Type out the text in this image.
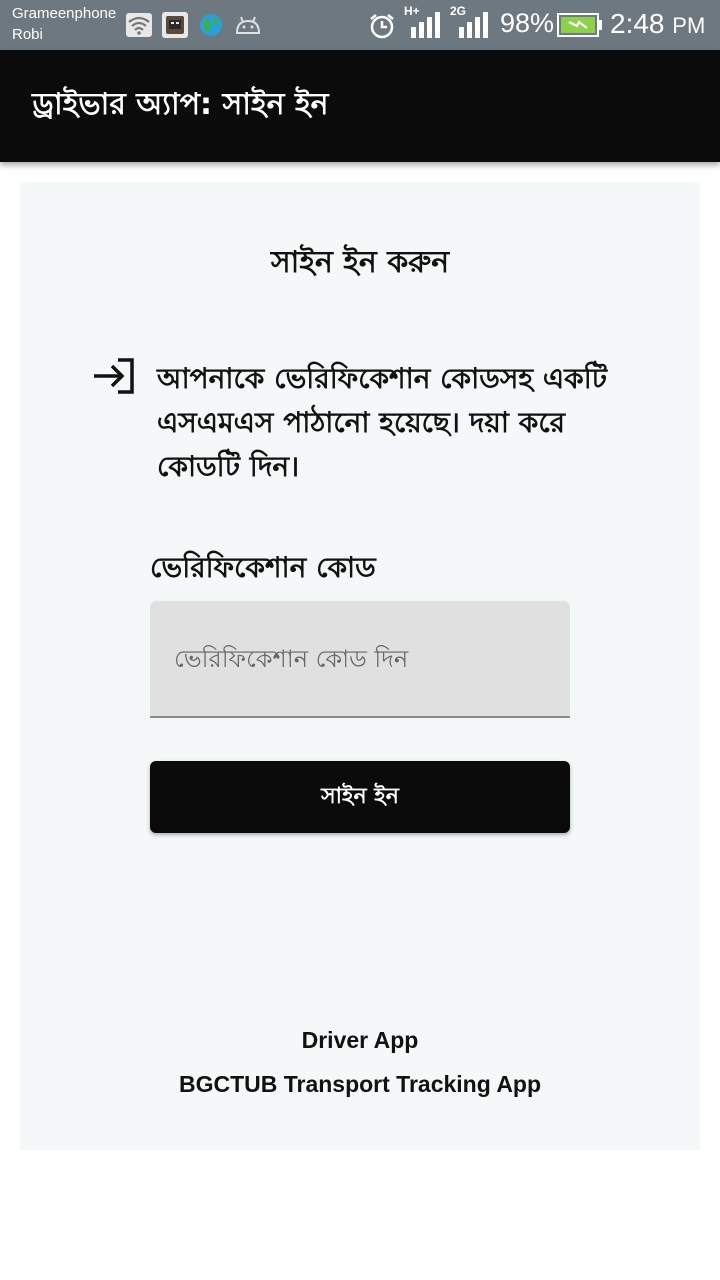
Grameenphone
Robi
H+	2G 98% 2:48 PM
ড্রাইভার অ্যাপ: সাইন ইন
সাইন ইন করুন
আপনাকে ভেরিফিকেশান কোডসহ একটি এসএমএস পাঠানো হয়েছে। দয়া করে কোডটি দিন।
ভেরিফিকেশান কোড
ভেরিফিকেশান কোড দিন
সাইন ইন
Driver App
BGCTUB Transport Tracking App
